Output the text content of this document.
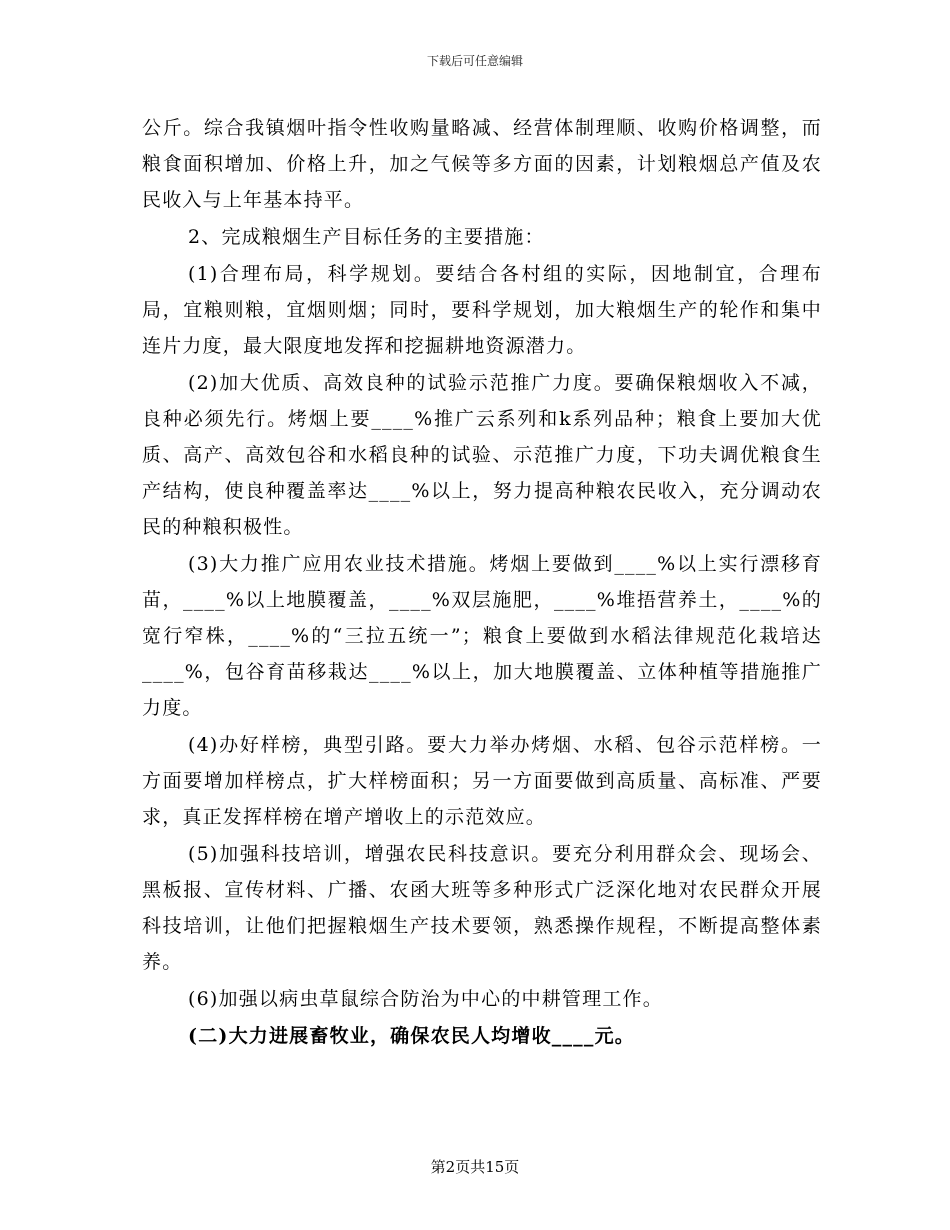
下载后可任意编辑

公斤。综合我镇烟叶指令性收购量略减、经营体制理顺、收购价格调整，而粮食面积增加、价格上升，加之气候等多方面的因素，计划粮烟总产值及农民收入与上年基本持平。

2、完成粮烟生产目标任务的主要措施：

(1)合理布局，科学规划。要结合各村组的实际，因地制宜，合理布局，宜粮则粮，宜烟则烟；同时，要科学规划，加大粮烟生产的轮作和集中连片力度，最大限度地发挥和挖掘耕地资源潜力。

(2)加大优质、高效良种的试验示范推广力度。要确保粮烟收入不减，良种必须先行。烤烟上要____%推广云系列和k系列品种；粮食上要加大优质、高产、高效包谷和水稻良种的试验、示范推广力度，下功夫调优粮食生产结构，使良种覆盖率达____%以上，努力提高种粮农民收入，充分调动农民的种粮积极性。

(3)大力推广应用农业技术措施。烤烟上要做到____%以上实行漂移育苗，____%以上地膜覆盖，____%双层施肥，____%堆捂营养土，____%的宽行窄株，____%的“三拉五统一”；粮食上要做到水稻法律规范化栽培达____%，包谷育苗移栽达____%以上，加大地膜覆盖、立体种植等措施推广力度。

(4)办好样榜，典型引路。要大力举办烤烟、水稻、包谷示范样榜。一方面要增加样榜点，扩大样榜面积；另一方面要做到高质量、高标准、严要求，真正发挥样榜在增产增收上的示范效应。

(5)加强科技培训，增强农民科技意识。要充分利用群众会、现场会、黑板报、宣传材料、广播、农函大班等多种形式广泛深化地对农民群众开展科技培训，让他们把握粮烟生产技术要领，熟悉操作规程，不断提高整体素养。

(6)加强以病虫草鼠综合防治为中心的中耕管理工作。

(二)大力进展畜牧业，确保农民人均增收____元。

第2页共15页
